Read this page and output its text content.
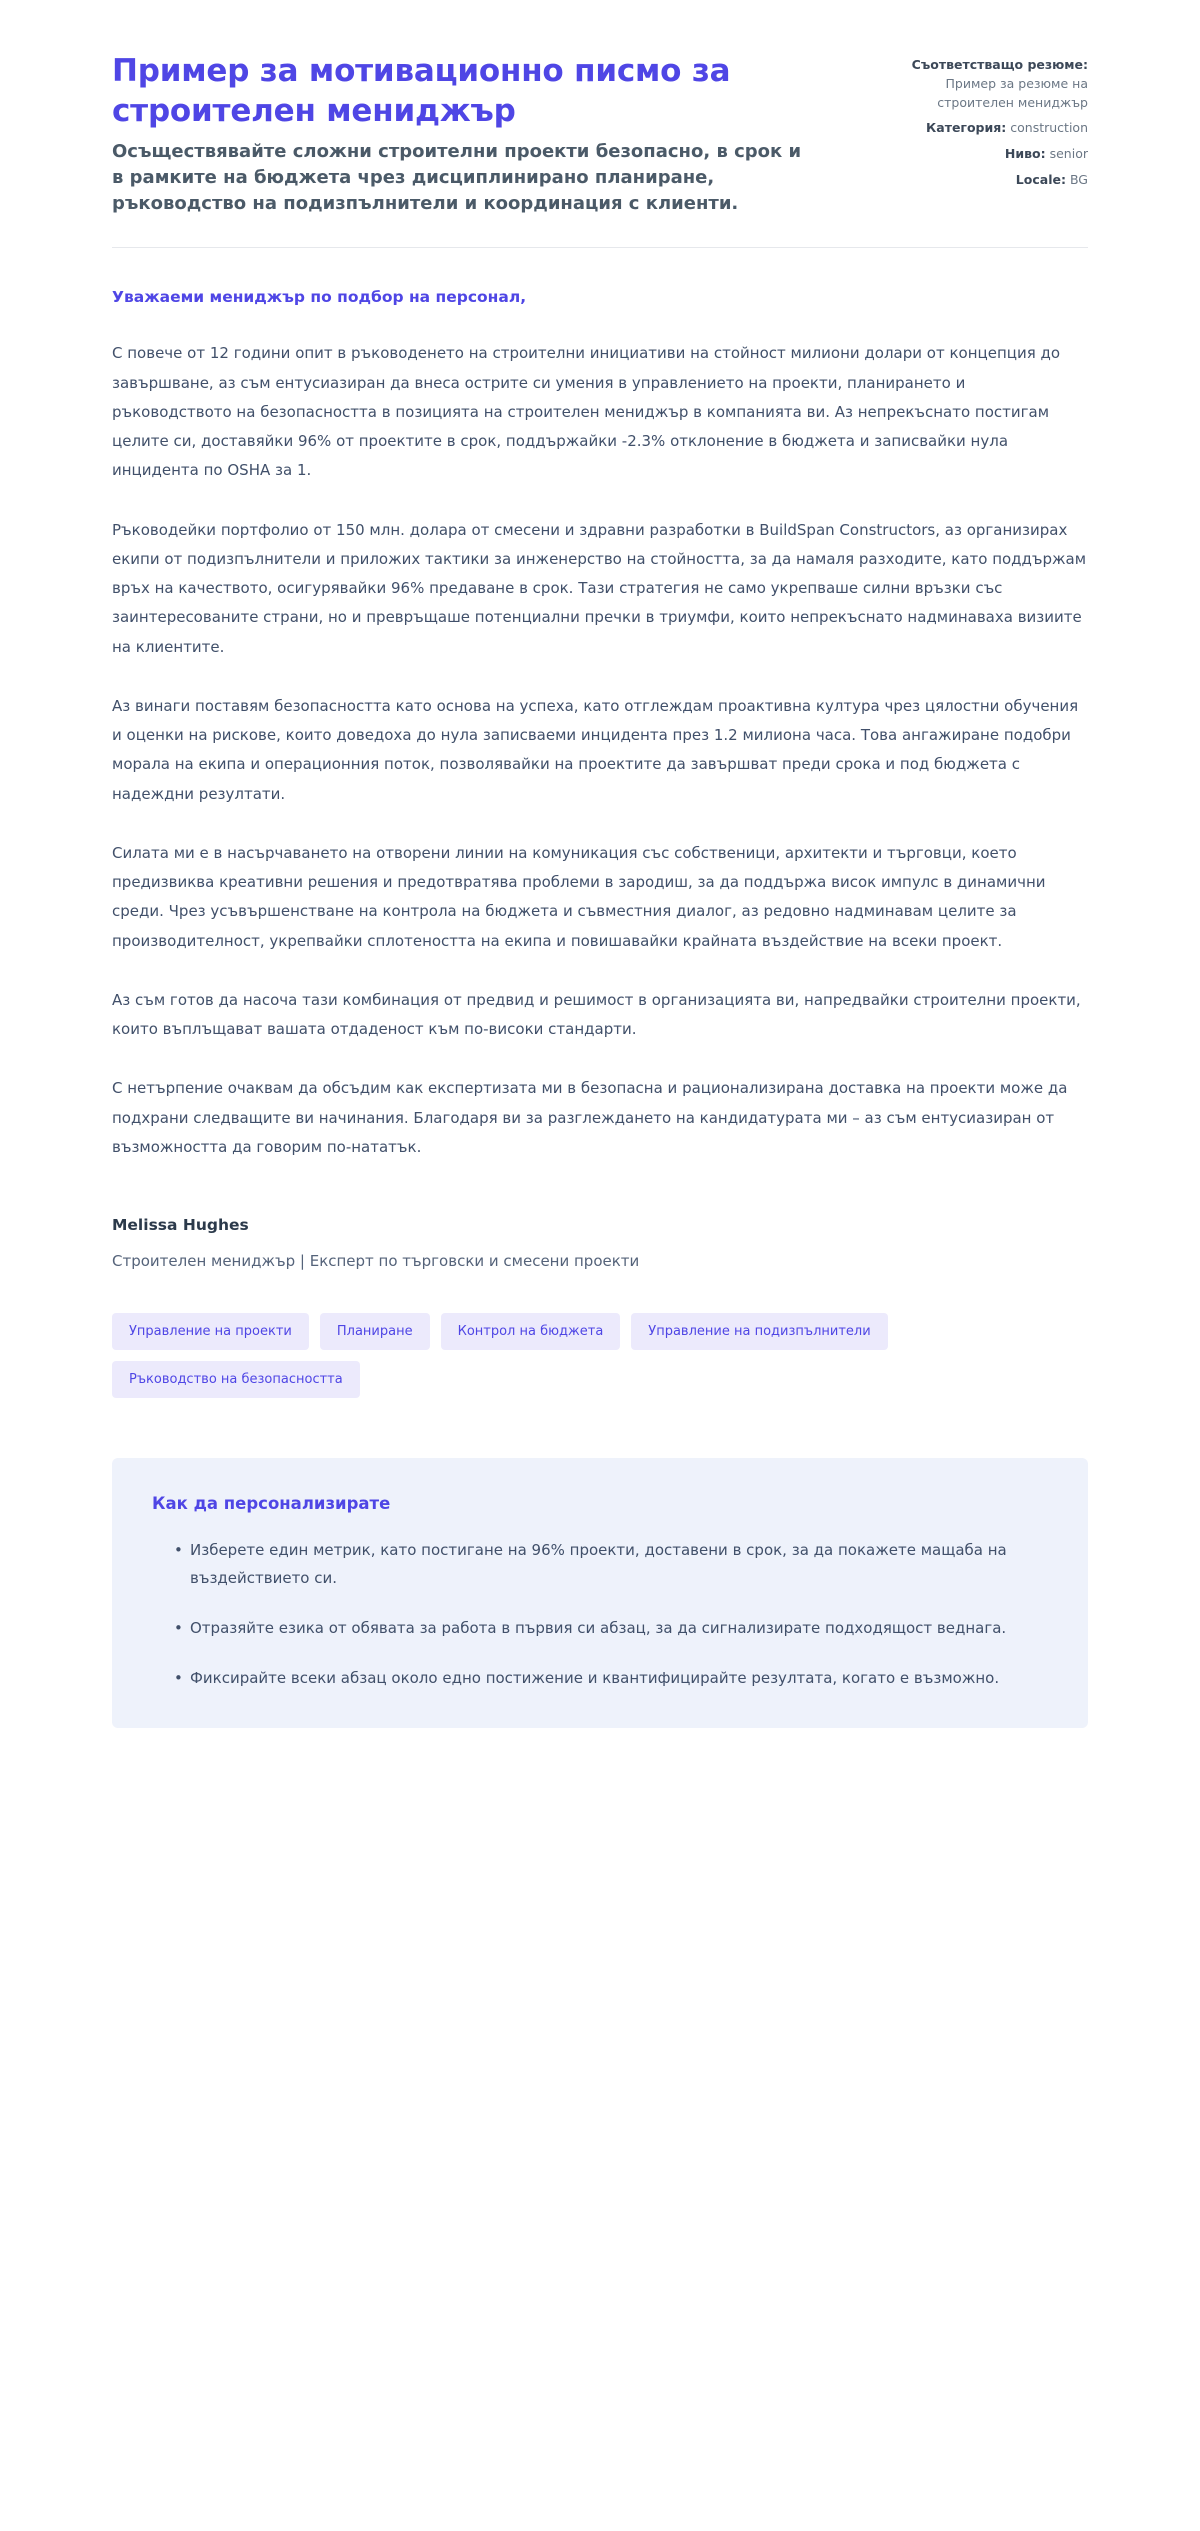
Пример за мотивационно писмо за строителен мениджър

Осъществявайте сложни строителни проекти безопасно, в срок и в рамките на бюджета чрез дисциплинирано планиране, ръководство на подизпълнители и координация с клиенти.

Съответстващо резюме: Пример за резюме на строителен мениджър
Категория: construction
Ниво: senior
Locale: BG

Уважаеми мениджър по подбор на персонал,

С повече от 12 години опит в ръководенето на строителни инициативи на стойност милиони долари от концепция до завършване, аз съм ентусиазиран да внеса острите си умения в управлението на проекти, планирането и ръководството на безопасността в позицията на строителен мениджър в компанията ви. Аз непрекъснато постигам целите си, доставяйки 96% от проектите в срок, поддържайки -2.3% отклонение в бюджета и записвайки нула инцидента по OSHA за 1.

Ръководейки портфолио от 150 млн. долара от смесени и здравни разработки в BuildSpan Constructors, аз организирах екипи от подизпълнители и приложих тактики за инженерство на стойността, за да намаля разходите, като поддържам връх на качеството, осигурявайки 96% предаване в срок. Тази стратегия не само укрепваше силни връзки със заинтересованите страни, но и превръщаше потенциални пречки в триумфи, които непрекъснато надминаваха визиите на клиентите.

Аз винаги поставям безопасността като основа на успеха, като отглеждам проактивна култура чрез цялостни обучения и оценки на рискове, които доведоха до нула записваеми инцидента през 1.2 милиона часа. Това ангажиране подобри морала на екипа и операционния поток, позволявайки на проектите да завършват преди срока и под бюджета с надеждни резултати.

Силата ми е в насърчаването на отворени линии на комуникация със собственици, архитекти и търговци, което предизвиква креативни решения и предотвратява проблеми в зародиш, за да поддържа висок импулс в динамични среди. Чрез усъвършенстване на контрола на бюджета и съвместния диалог, аз редовно надминавам целите за производителност, укрепвайки сплотеността на екипа и повишавайки крайната въздействие на всеки проект.

Аз съм готов да насоча тази комбинация от предвид и решимост в организацията ви, напредвайки строителни проекти, които въплъщават вашата отдаденост към по-високи стандарти.

С нетърпение очаквам да обсъдим как експертизата ми в безопасна и рационализирана доставка на проекти може да подхрани следващите ви начинания. Благодаря ви за разглеждането на кандидатурата ми – аз съм ентусиазиран от възможността да говорим по-нататък.

Melissa Hughes

Строителен мениджър | Експерт по търговски и смесени проекти

Управление на проекти	Планиране	Контрол на бюджета	Управление на подизпълнители
Ръководство на безопасността
Как да персонализирате
• Изберете един метрик, като постигане на 96% проекти, доставени в срок, за да покажете мащаба на въздействието си.
• Отразяйте езика от обявата за работа в първия си абзац, за да сигнализирате подходящост веднага.
• Фиксирайте всеки абзац около едно постижение и квантифицирайте резултата, когато е възможно.
